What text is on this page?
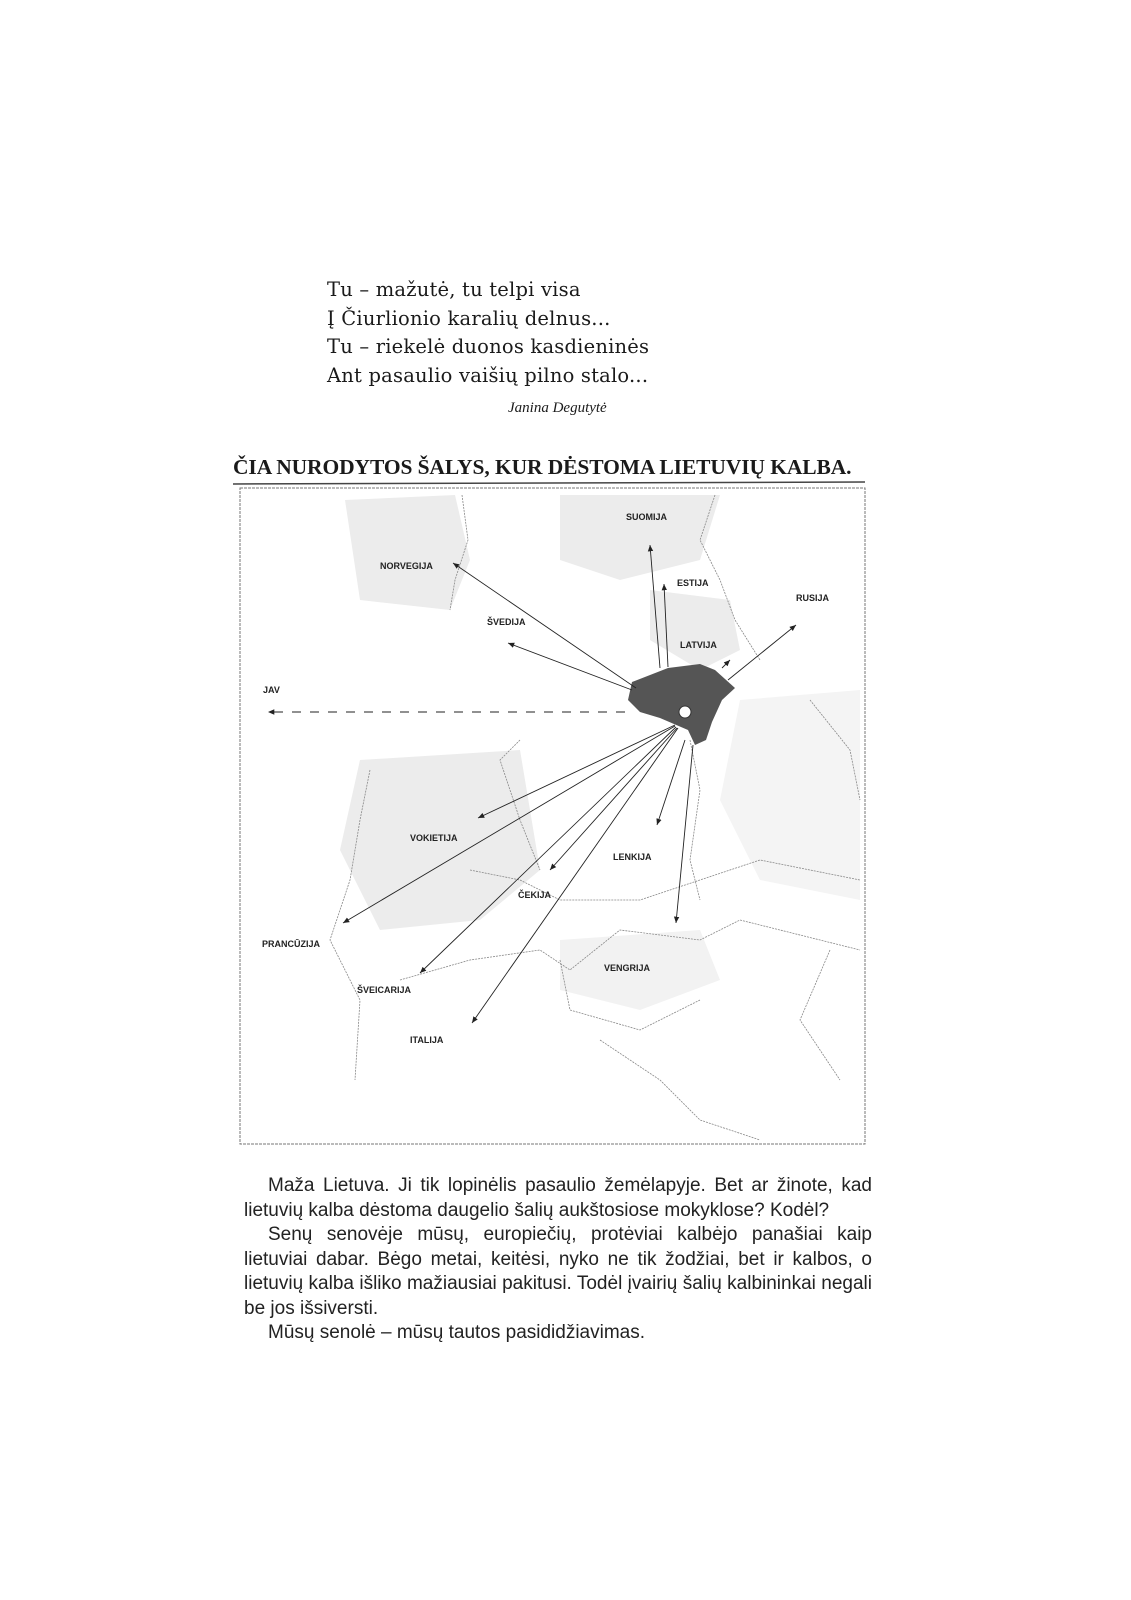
Tu – mažutė, tu telpi visa
Į Čiurlionio karalių delnus...
Tu – riekelė duonos kasdieninės
Ant pasaulio vaišių pilno stalo...
Janina Degutytė
ČIA NURODYTOS ŠALYS, KUR DĖSTOMA LIETUVIŲ KALBA.
SUOMIJA
NORVEGIJA
ESTIJA
RUSIJA
ŠVEDIJA
LATVIJA
JAV
VOKIETIJA
LENKIJA
ČEKIJA
PRANCŪZIJA
VENGRIJA
ŠVEICARIJA
ITALIJA

Maža Lietuva. Ji tik lopinėlis pasaulio žemėlapyje. Bet ar žinote, kad lietuvių kalba dėstoma daugelio šalių aukštosiose mokyklose? Kodėl?

Senų senovėje mūsų, europiečių, protėviai kalbėjo panašiai kaip lietuviai dabar. Bėgo metai, keitėsi, nyko ne tik žodžiai, bet ir kalbos, o lietuvių kalba išliko mažiausiai pakitusi. Todėl įvairių šalių kalbininkai negali be jos išsiversti.

Mūsų senolė – mūsų tautos pasididžiavimas.
